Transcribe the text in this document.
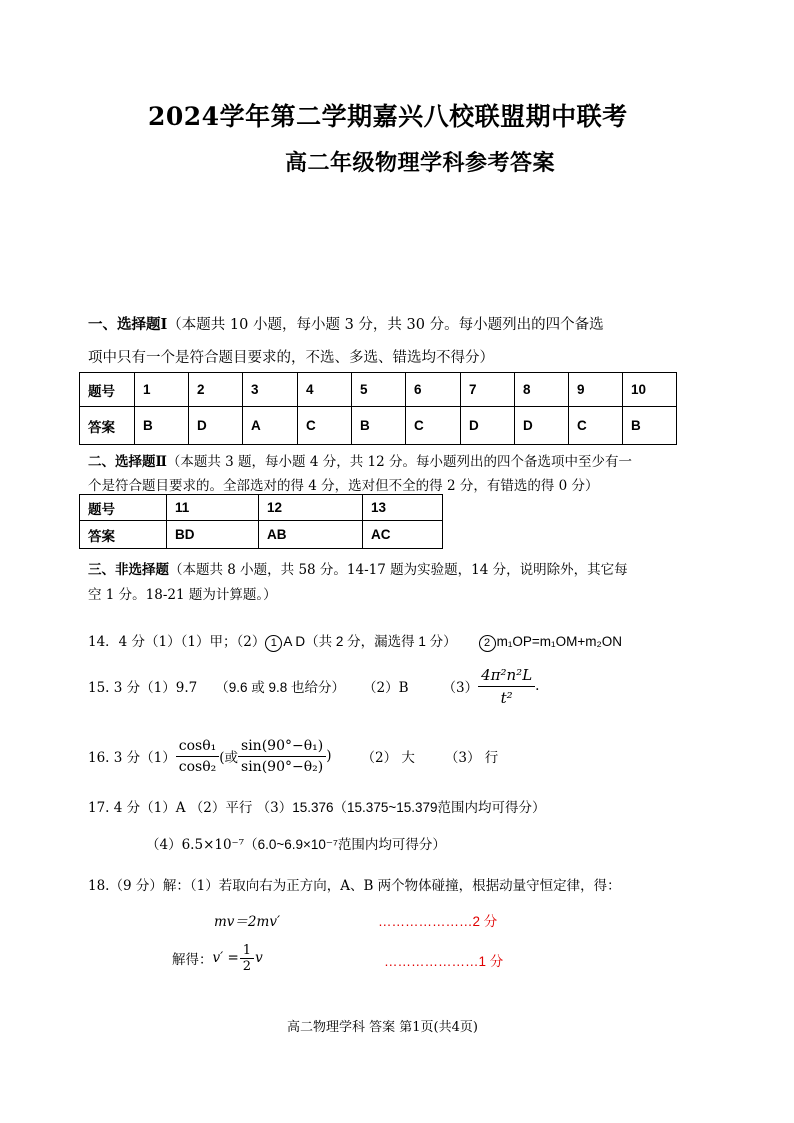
2024学年第二学期嘉兴八校联盟期中联考
高二年级物理学科参考答案
一、选择题Ⅰ（本题共 10 小题，每小题 3 分，共 30 分。每小题列出的四个备选
项中只有一个是符合题目要求的，不选、多选、错选均不得分）
题号	1	2	3	4	5	6	7	8	9	10
答案	B	D	A	C	B	C	D	D	C	B
二、选择题Ⅱ（本题共 3 题，每小题 4 分，共 12 分。每小题列出的四个备选项中至少有一
个是符合题目要求的。全部选对的得 4 分，选对但不全的得 2 分，有错选的得 0 分）
题号	11	12	13
答案	BD	AB	AC
三、非选择题（本题共 8 小题，共 58 分。14-17 题为实验题，14 分，说明除外，其它每
空 1 分。18-21 题为计算题。）
14．4 分（1）（1）甲；（2） 1 A D（共 2 分，漏选得 1 分） 2 m₁OP=m₁OM+m₂ON
15. 3 分（1）9.7 （9.6 或 9.8 也给分） （2）B	$(3) \frac{\text{4π²n²L}}{\text{t²}}$ .
16. 3 分$(1) \frac{\text{cosθ₁}}{\text{cosθ₂}}$ (或 $\frac{\text{sin(90°−θ₁)}}{\text{sin(90°−θ₂)}}$ ) （2） 大 （3） 行
17. 4 分（1）A （2）平行 （3）15.376（15.375~15.379范围内均可得分）
（4）6.5×10⁻⁷（6.0~6.9×10⁻⁷范围内均可得分）
18.（9 分）解：（1）若取向右为正方向，A、B 两个物体碰撞，根据动量守恒定律，得：
mv＝2mv′	…………………2 分
解得： $v' = \frac{1}{2}$ v	…………………1 分
高二物理学科 答案 第1页(共4页)
